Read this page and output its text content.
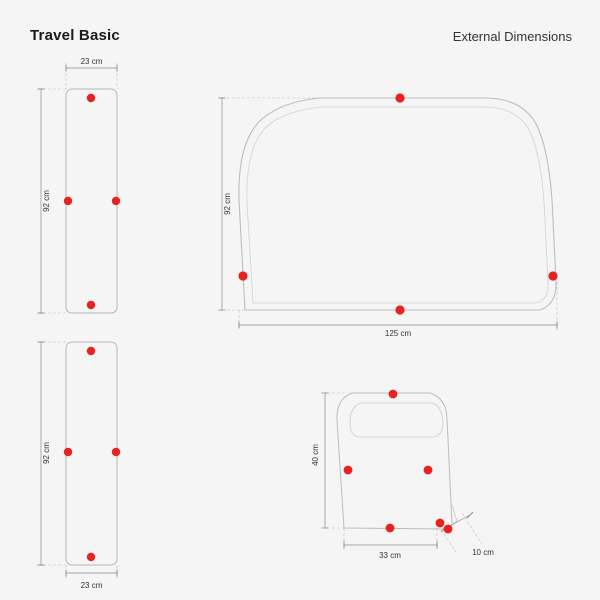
Travel Basic	External Dimensions
23 cm
92 cm
92 cm
23 cm
92 cm
125 cm
40 cm
33 cm	10 cm
